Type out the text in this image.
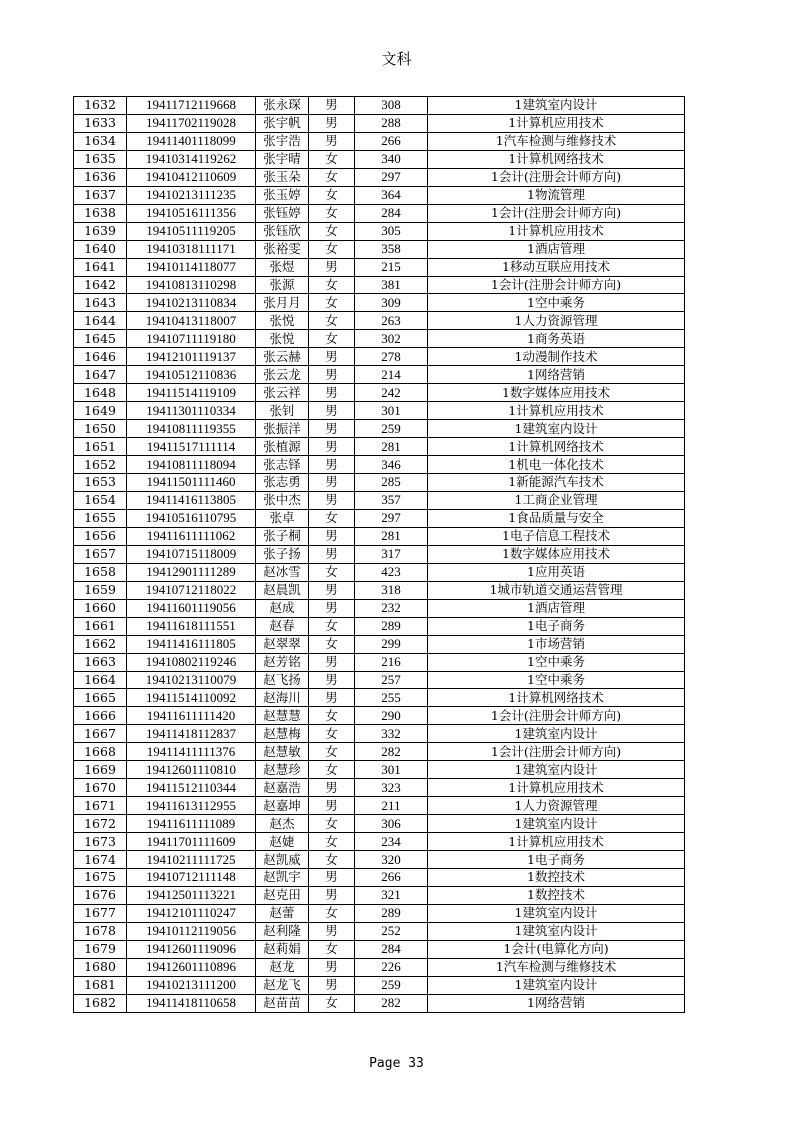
文科
1632	19411712119668	张永琛	男	308	1建筑室内设计
1633	19411702119028	张宇帆	男	288	1计算机应用技术
1634	19411401118099	张宇浩	男	266	1汽车检测与维修技术
1635	19410314119262	张宇晴	女	340	1计算机网络技术
1636	19410412110609	张玉朵	女	297	1会计(注册会计师方向)
1637	19410213111235	张玉婷	女	364	1物流管理
1638	19410516111356	张钰婷	女	284	1会计(注册会计师方向)
1639	19410511119205	张钰欣	女	305	1计算机应用技术
1640	19410318111171	张裕雯	女	358	1酒店管理
1641	19410114118077	张煜	男	215	1移动互联应用技术
1642	19410813110298	张源	女	381	1会计(注册会计师方向)
1643	19410213110834	张月月	女	309	1空中乘务
1644	19410413118007	张悦	女	263	1人力资源管理
1645	19410711119180	张悦	女	302	1商务英语
1646	19412101119137	张云赫	男	278	1动漫制作技术
1647	19410512110836	张云龙	男	214	1网络营销
1648	19411514119109	张云祥	男	242	1数字媒体应用技术
1649	19411301110334	张钊	男	301	1计算机应用技术
1650	19410811119355	张振洋	男	259	1建筑室内设计
1651	19411517111114	张植源	男	281	1计算机网络技术
1652	19410811118094	张志铎	男	346	1机电一体化技术
1653	19411501111460	张志勇	男	285	1新能源汽车技术
1654	19411416113805	张中杰	男	357	1工商企业管理
1655	19410516110795	张卓	女	297	1食品质量与安全
1656	19411611111062	张子桐	男	281	1电子信息工程技术
1657	19410715118009	张子扬	男	317	1数字媒体应用技术
1658	19412901111289	赵冰雪	女	423	1应用英语
1659	19410712118022	赵晨凯	男	318	1城市轨道交通运营管理
1660	19411601119056	赵成	男	232	1酒店管理
1661	19411618111551	赵春	女	289	1电子商务
1662	19411416111805	赵翠翠	女	299	1市场营销
1663	19410802119246	赵芳铭	男	216	1空中乘务
1664	19410213110079	赵飞扬	男	257	1空中乘务
1665	19411514110092	赵海川	男	255	1计算机网络技术
1666	19411611111420	赵慧慧	女	290	1会计(注册会计师方向)
1667	19411418112837	赵慧梅	女	332	1建筑室内设计
1668	19411411111376	赵慧敏	女	282	1会计(注册会计师方向)
1669	19412601110810	赵慧珍	女	301	1建筑室内设计
1670	19411512110344	赵嘉浩	男	323	1计算机应用技术
1671	19411613112955	赵嘉坤	男	211	1人力资源管理
1672	19411611111089	赵杰	女	306	1建筑室内设计
1673	19411701111609	赵婕	女	234	1计算机应用技术
1674	19410211111725	赵凯威	女	320	1电子商务
1675	19410712111148	赵凯宇	男	266	1数控技术
1676	19412501113221	赵克田	男	321	1数控技术
1677	19412101110247	赵蕾	女	289	1建筑室内设计
1678	19410112119056	赵利隆	男	252	1建筑室内设计
1679	19412601119096	赵莉娟	女	284	1会计(电算化方向)
1680	19412601110896	赵龙	男	226	1汽车检测与维修技术
1681	19410213111200	赵龙飞	男	259	1建筑室内设计
1682	19411418110658	赵苗苗	女	282	1网络营销
Page 33
